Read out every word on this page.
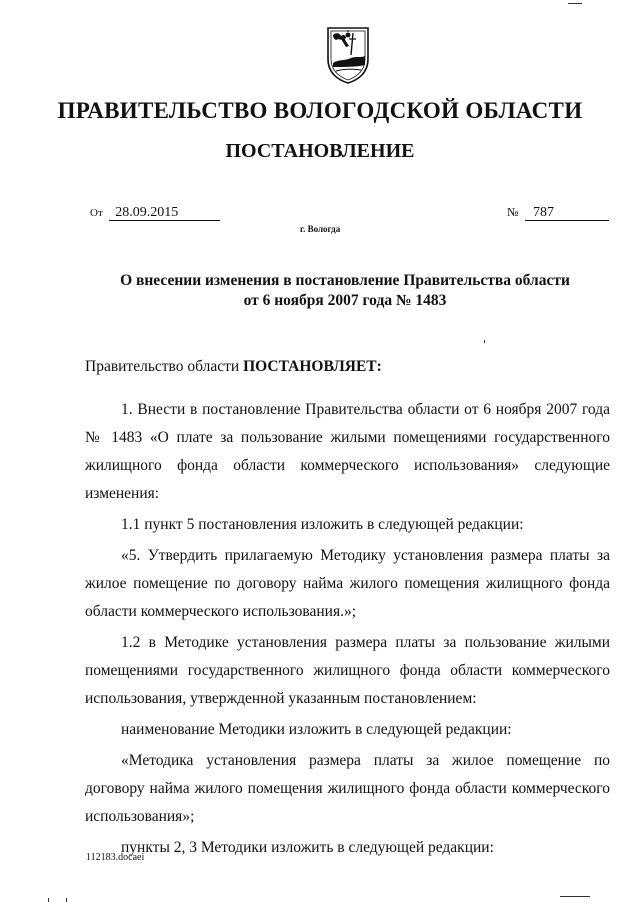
ПРАВИТЕЛЬСТВО ВОЛОГОДСКОЙ ОБЛАСТИ
ПОСТАНОВЛЕНИЕ
От 28.09.2015	№ 787
г. Вологда
О внесении изменения в постановление Правительства области
от 6 ноября 2007 года № 1483
Правительство области ПОСТАНОВЛЯЕТ:

1. Внести в постановление Правительства области от 6 ноября 2007 года № 1483 «О плате за пользование жилыми помещениями государственного жилищного фонда области коммерческого использования» следующие изменения:

1.1 пункт 5 постановления изложить в следующей редакции:

«5. Утвердить прилагаемую Методику установления размера платы за жилое помещение по договору найма жилого помещения жилищного фонда области коммерческого использования.»;

1.2 в Методике установления размера платы за пользование жилыми помещениями государственного жилищного фонда области коммерческого использования, утвержденной указанным постановлением:

наименование Методики изложить в следующей редакции:

«Методика установления размера платы за жилое помещение по договору найма жилого помещения жилищного фонда области коммерческого использования»;

пункты 2, 3 Методики изложить в следующей редакции:

112183.docaei
